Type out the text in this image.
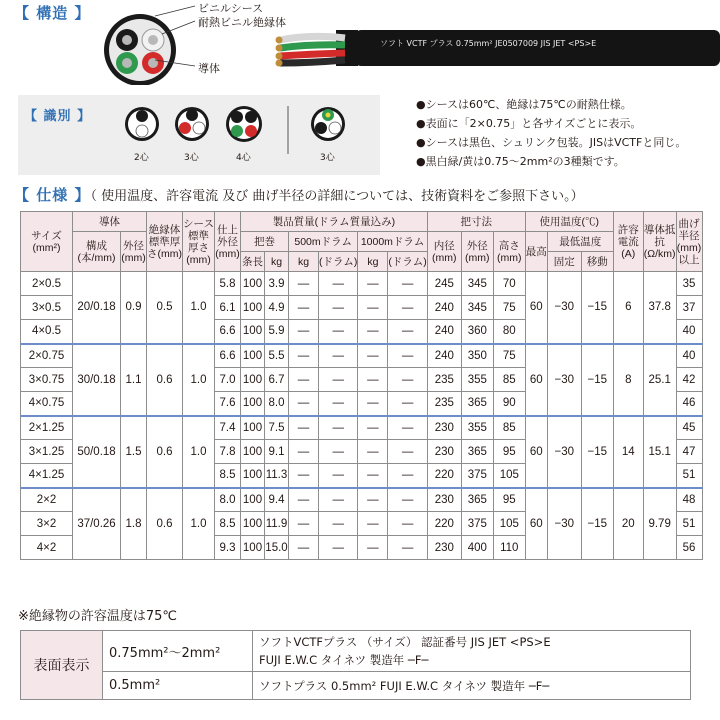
【 構造 】	ビニルシース
耐熱ビニル絶縁体
導体
ソフト VCTF プラス 0.75mm² JE0507009 JIS JET <PS>E
【 識別 】
2心	3心	4心	3心
●シースは60℃、絶縁は75℃の耐熱仕様。
●表面に「2×0.75」と各サイズごとに表示。
●シースは黒色、シュリンク包装。JISはVCTFと同じ。
●黒白緑/黄は0.75～2mm²の3種類です。
【 仕様 】（ 使用温度、許容電流 及び 曲げ半径の詳細については、技術資料をご参照下さい。）
サイズ(mm²)	導体		絶縁体標準厚さ(mm)	シース標準厚さ(mm)	仕上外径(mm)	製品質量(ドラム質量込み)						把寸法			使用温度(℃)			許容電流(A)	導体抵抗(Ω/km)	曲げ半径(mm)以上
	構成(本/mm)	外径(mm)				把巻		500mドラム		1000mドラム		内径(mm)	外径(mm)	高さ(mm)	最高	最低温度				
						条長	kg	kg	(ドラム)	kg	(ドラム)					固定	移動			
2×0.5	20/0.18	0.9	0.5	1.0	5.8	100	3.9	—	—	—	—	245	345	70	60	−30	−15	6	37.8	35
3×0.5					6.1	100	4.9	—	—	—	—	240	345	75						37
4×0.5					6.6	100	5.9	—	—	—	—	240	360	80						40
2×0.75	30/0.18	1.1	0.6	1.0	6.6	100	5.5	—	—	—	—	240	350	75	60	−30	−15	8	25.1	40
3×0.75					7.0	100	6.7	—	—	—	—	235	355	85						42
4×0.75					7.6	100	8.0	—	—	—	—	235	365	90						46
2×1.25	50/0.18	1.5	0.6	1.0	7.4	100	7.5	—	—	—	—	230	355	85	60	−30	−15	14	15.1	45
3×1.25					7.8	100	9.1	—	—	—	—	230	365	95						47
4×1.25					8.5	100	11.3	—	—	—	—	220	375	105						51
2×2	37/0.26	1.8	0.6	1.0	8.0	100	9.4	—	—	—	—	230	365	95	60	−30	−15	20	9.79	48
3×2					8.5	100	11.9	—	—	—	—	220	375	105						51
4×2					9.3	100	15.0	—	—	—	—	230	400	110						56
※絶縁物の許容温度は75℃
表面表示	0.75mm²～2mm²	ソフトVCTFプラス （サイズ） 認証番号 JIS JET <PS>E
FUJI E.W.C タイネツ 製造年 ─F─

	0.5mm²	ソフトプラス 0.5mm² FUJI E.W.C タイネツ 製造年 ─F─
